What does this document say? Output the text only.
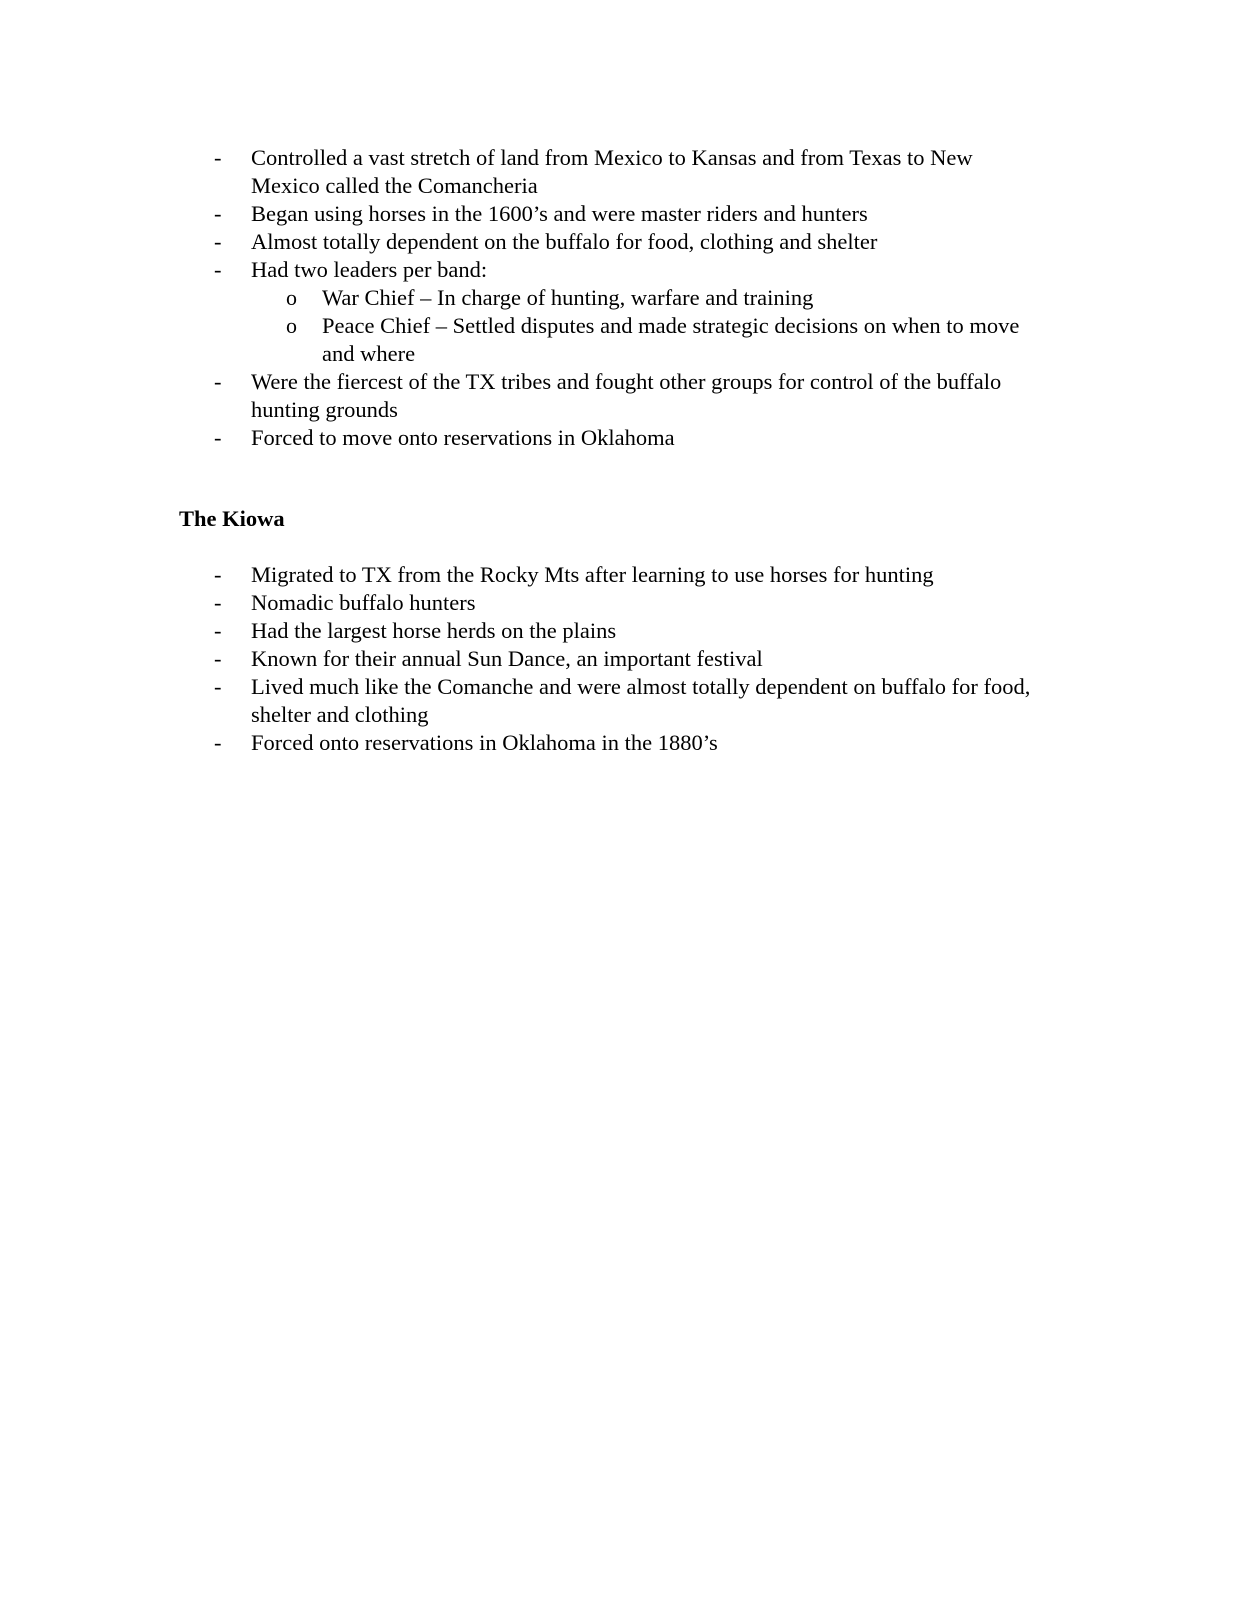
- Controlled a vast stretch of land from Mexico to Kansas and from Texas to New Mexico called the Comancheria
- Began using horses in the 1600’s and were master riders and hunters
- Almost totally dependent on the buffalo for food, clothing and shelter
- Had two leaders per band:
o War Chief – In charge of hunting, warfare and training
o Peace Chief – Settled disputes and made strategic decisions on when to move and where
- Were the fiercest of the TX tribes and fought other groups for control of the buffalo hunting grounds
- Forced to move onto reservations in Oklahoma
The Kiowa
- Migrated to TX from the Rocky Mts after learning to use horses for hunting
- Nomadic buffalo hunters
- Had the largest horse herds on the plains
- Known for their annual Sun Dance, an important festival
- Lived much like the Comanche and were almost totally dependent on buffalo for food, shelter and clothing
- Forced onto reservations in Oklahoma in the 1880’s
